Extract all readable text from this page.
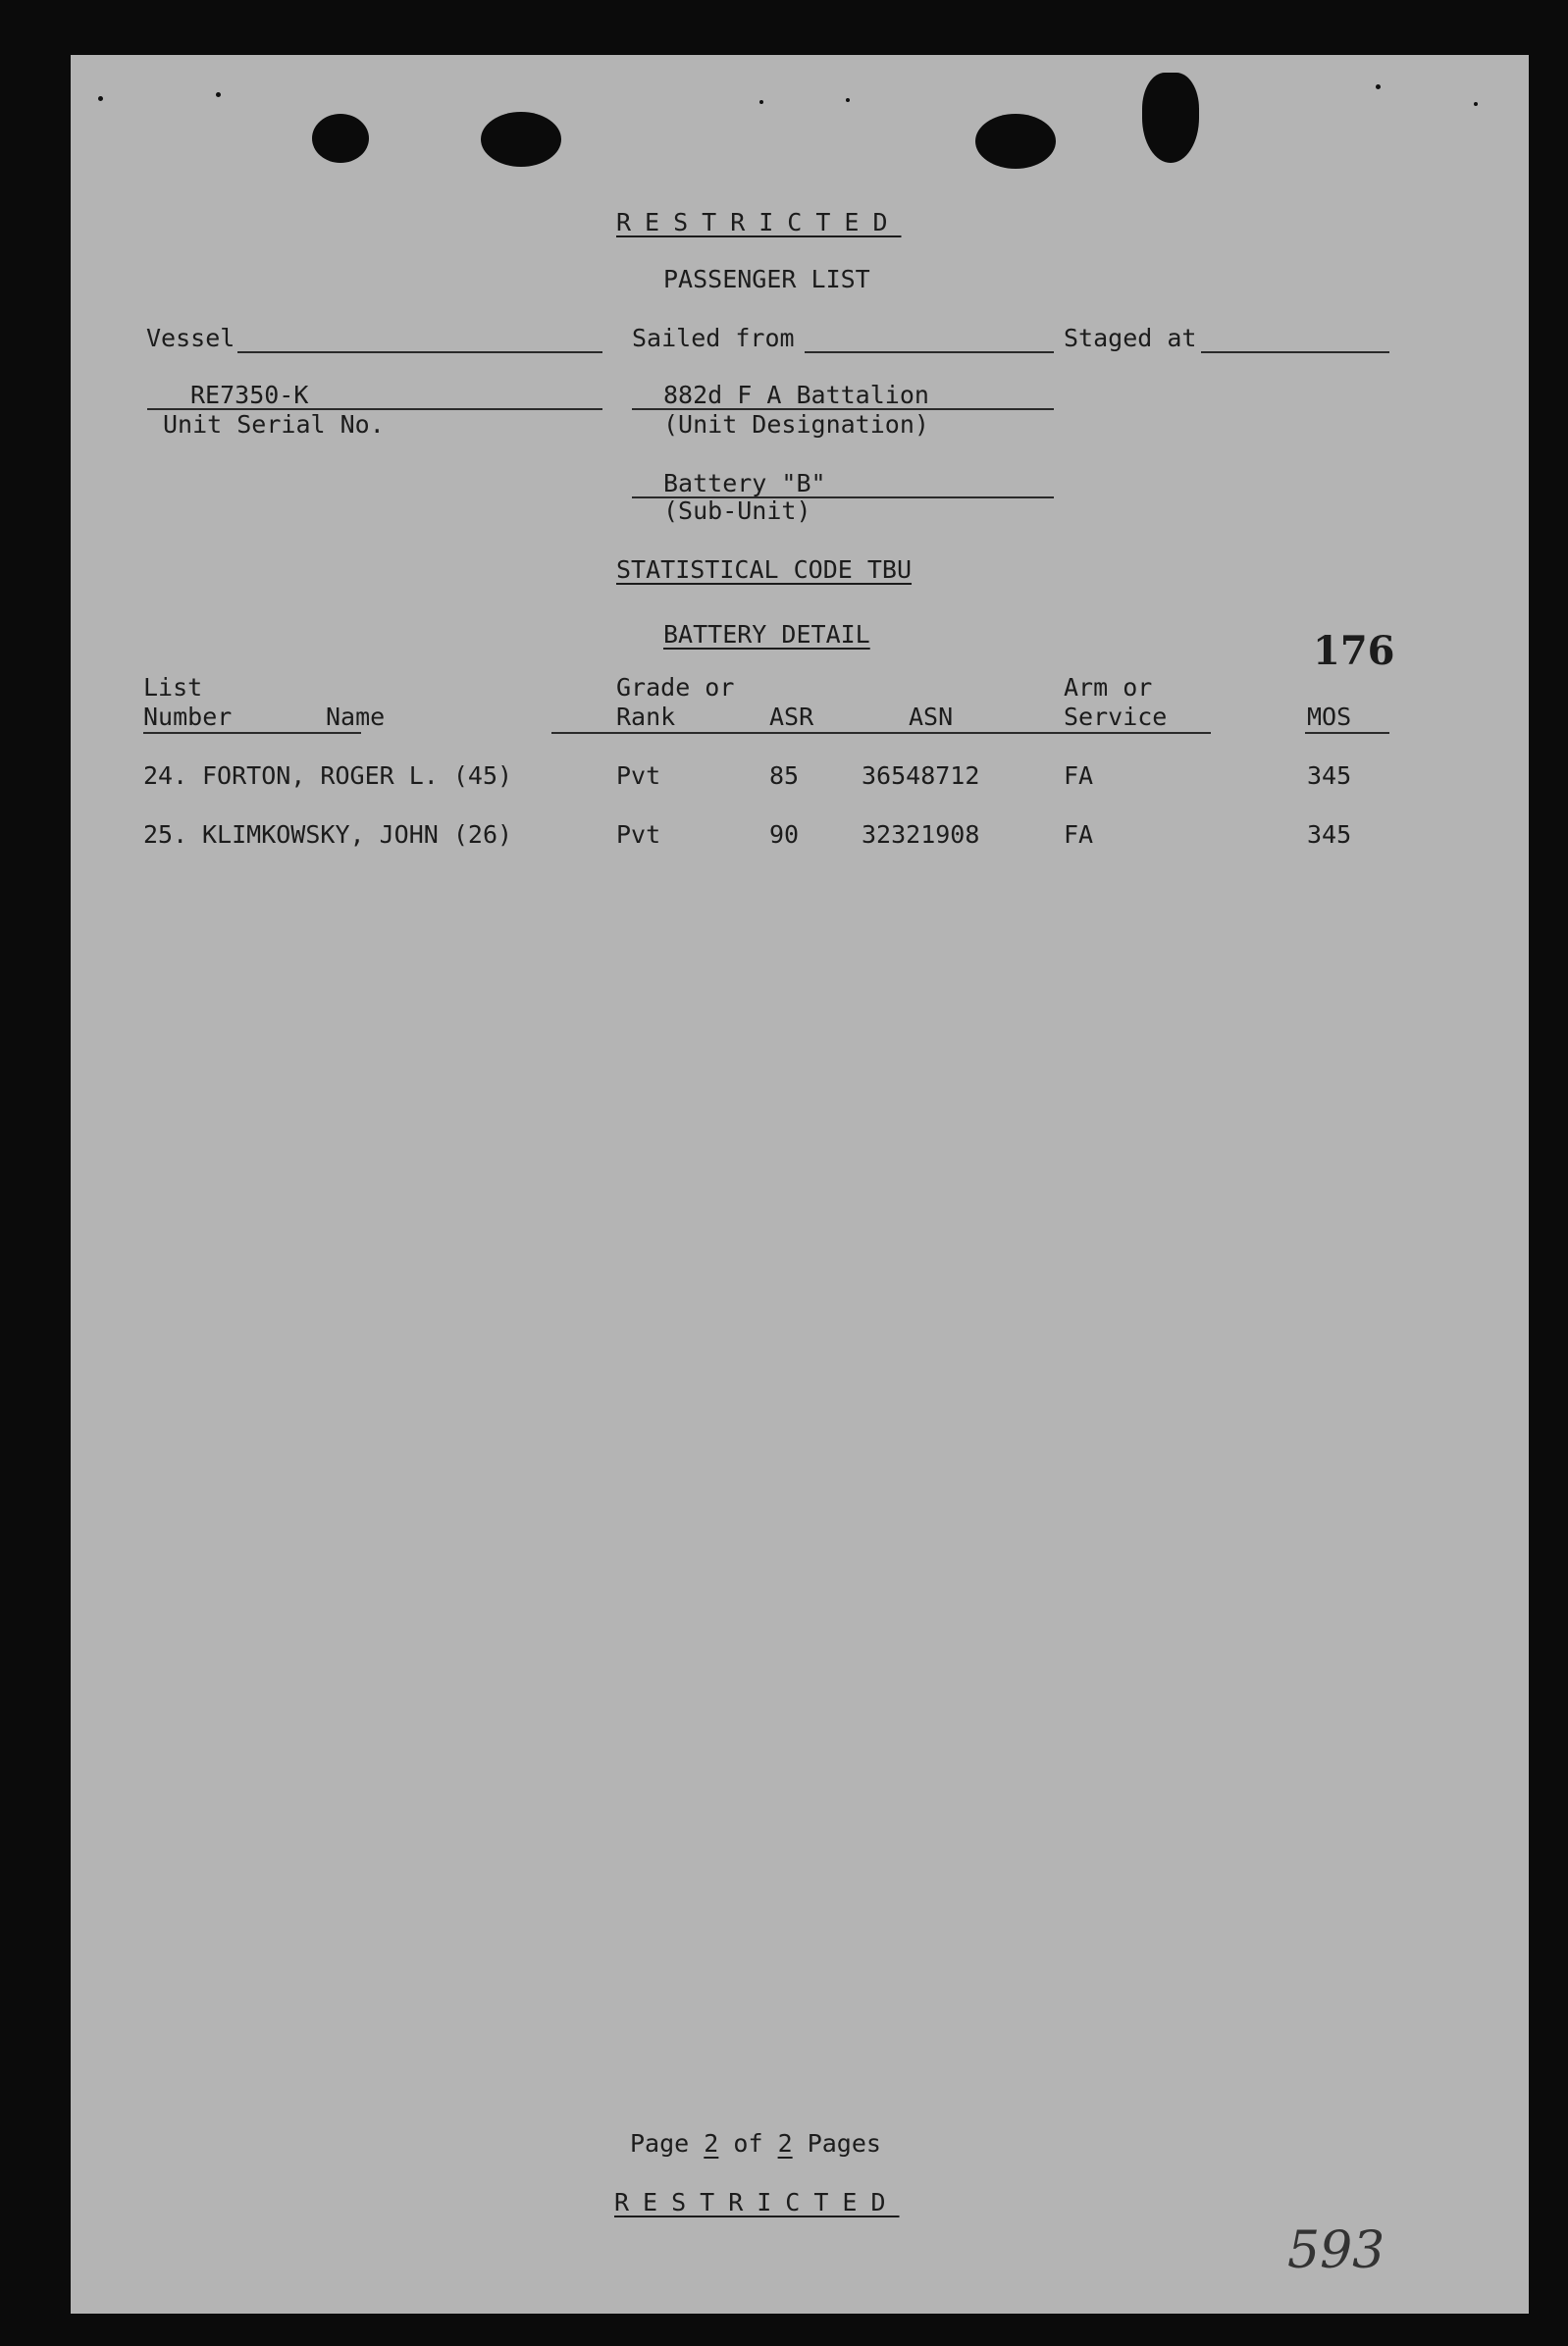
RESTRICTED
PASSENGER LIST
Vessel	Sailed from	Staged at
RE7350-K
Unit Serial No.
882d F A Battalion
(Unit Designation)
Battery "B"
(Sub-Unit)
STATISTICAL CODE TBU
BATTERY DETAIL	176
List
Number	Name
Grade or
Rank	ASR	ASN
Arm or
Service	MOS
24. FORTON, ROGER L. (45)	Pvt	85	36548712	FA	345
25. KLIMKOWSKY, JOHN (26)	Pvt	90	32321908	FA	345
Page 2 of 2 Pages
RESTRICTED
593
